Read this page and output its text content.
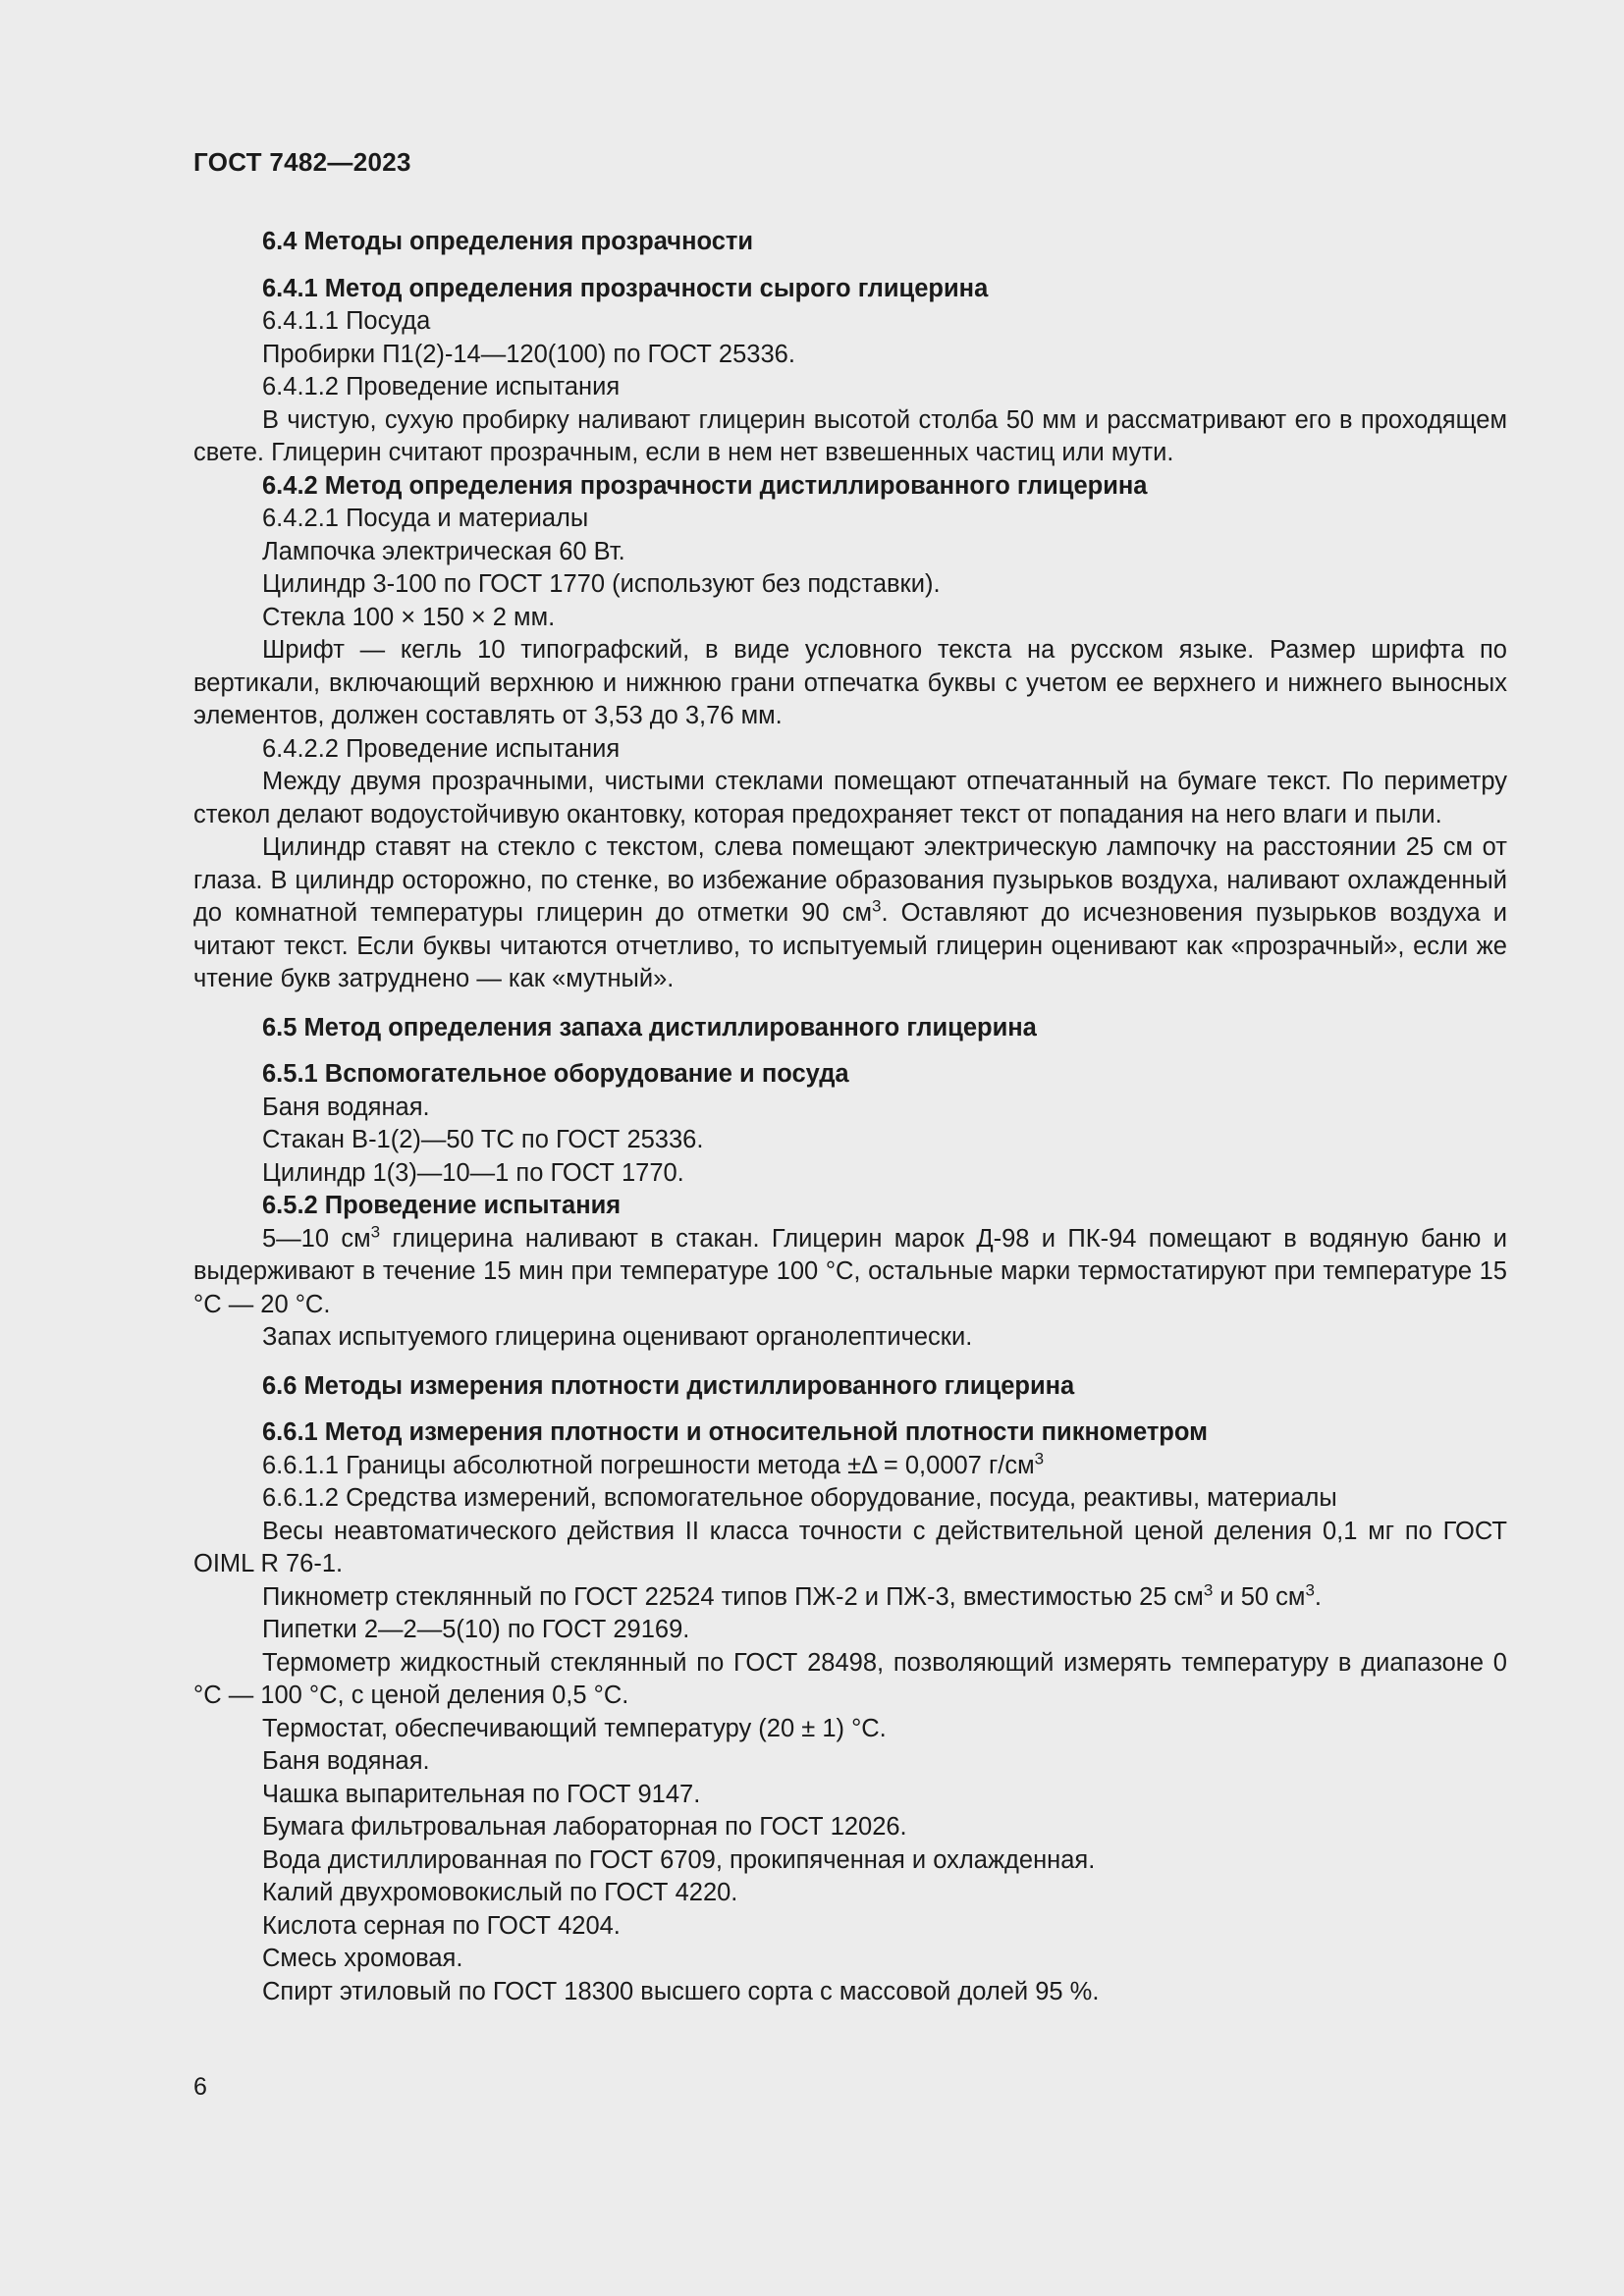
ГОСТ 7482—2023

6.4 Методы определения прозрачности

6.4.1 Метод определения прозрачности сырого глицерина

6.4.1.1 Посуда

Пробирки П1(2)-14—120(100) по ГОСТ 25336.

6.4.1.2 Проведение испытания

В чистую, сухую пробирку наливают глицерин высотой столба 50 мм и рассматривают его в проходящем свете. Глицерин считают прозрачным, если в нем нет взвешенных частиц или мути.

6.4.2 Метод определения прозрачности дистиллированного глицерина

6.4.2.1 Посуда и материалы

Лампочка электрическая 60 Вт.

Цилиндр 3-100 по ГОСТ 1770 (используют без подставки).

Стекла 100 × 150 × 2 мм.

Шрифт — кегль 10 типографский, в виде условного текста на русском языке. Размер шрифта по вертикали, включающий верхнюю и нижнюю грани отпечатка буквы с учетом ее верхнего и нижнего выносных элементов, должен составлять от 3,53 до 3,76 мм.

6.4.2.2 Проведение испытания

Между двумя прозрачными, чистыми стеклами помещают отпечатанный на бумаге текст. По периметру стекол делают водоустойчивую окантовку, которая предохраняет текст от попадания на него влаги и пыли.

Цилиндр ставят на стекло с текстом, слева помещают электрическую лампочку на расстоянии 25 см от глаза. В цилиндр осторожно, по стенке, во избежание образования пузырьков воздуха, наливают охлажденный до комнатной температуры глицерин до отметки 90 $см^3$. Оставляют до исчезновения пузырьков воздуха и читают текст. Если буквы читаются отчетливо, то испытуемый глицерин оценивают как «прозрачный», если же чтение букв затруднено — как «мутный».

6.5 Метод определения запаха дистиллированного глицерина

6.5.1 Вспомогательное оборудование и посуда

Баня водяная.

Стакан В-1(2)—50 ТС по ГОСТ 25336.

Цилиндр 1(3)—10—1 по ГОСТ 1770.

6.5.2 Проведение испытания

5—10 $см^3$ глицерина наливают в стакан. Глицерин марок Д-98 и ПК-94 помещают в водяную баню и выдерживают в течение 15 мин при температуре 100 °С, остальные марки термостатируют при температуре 15 °С — 20 °С.

Запах испытуемого глицерина оценивают органолептически.

6.6 Методы измерения плотности дистиллированного глицерина

6.6.1 Метод измерения плотности и относительной плотности пикнометром

6.6.1.1 Границы абсолютной погрешности метода ±Δ = 0,0007 $г/см^3$

6.6.1.2 Средства измерений, вспомогательное оборудование, посуда, реактивы, материалы

Весы неавтоматического действия II класса точности с действительной ценой деления 0,1 мг по ГОСТ OIML R 76-1.

Пикнометр стеклянный по ГОСТ 22524 типов ПЖ-2 и ПЖ-3, вместимостью 25 $см^3$ и 50 $см^3$.

Пипетки 2—2—5(10) по ГОСТ 29169.

Термометр жидкостный стеклянный по ГОСТ 28498, позволяющий измерять температуру в диапазоне 0 °С — 100 °С, с ценой деления 0,5 °С.

Термостат, обеспечивающий температуру (20 ± 1) °С.

Баня водяная.

Чашка выпарительная по ГОСТ 9147.

Бумага фильтровальная лабораторная по ГОСТ 12026.

Вода дистиллированная по ГОСТ 6709, прокипяченная и охлажденная.

Калий двухромовокислый по ГОСТ 4220.

Кислота серная по ГОСТ 4204.

Смесь хромовая.

Спирт этиловый по ГОСТ 18300 высшего сорта с массовой долей 95 %.

6
